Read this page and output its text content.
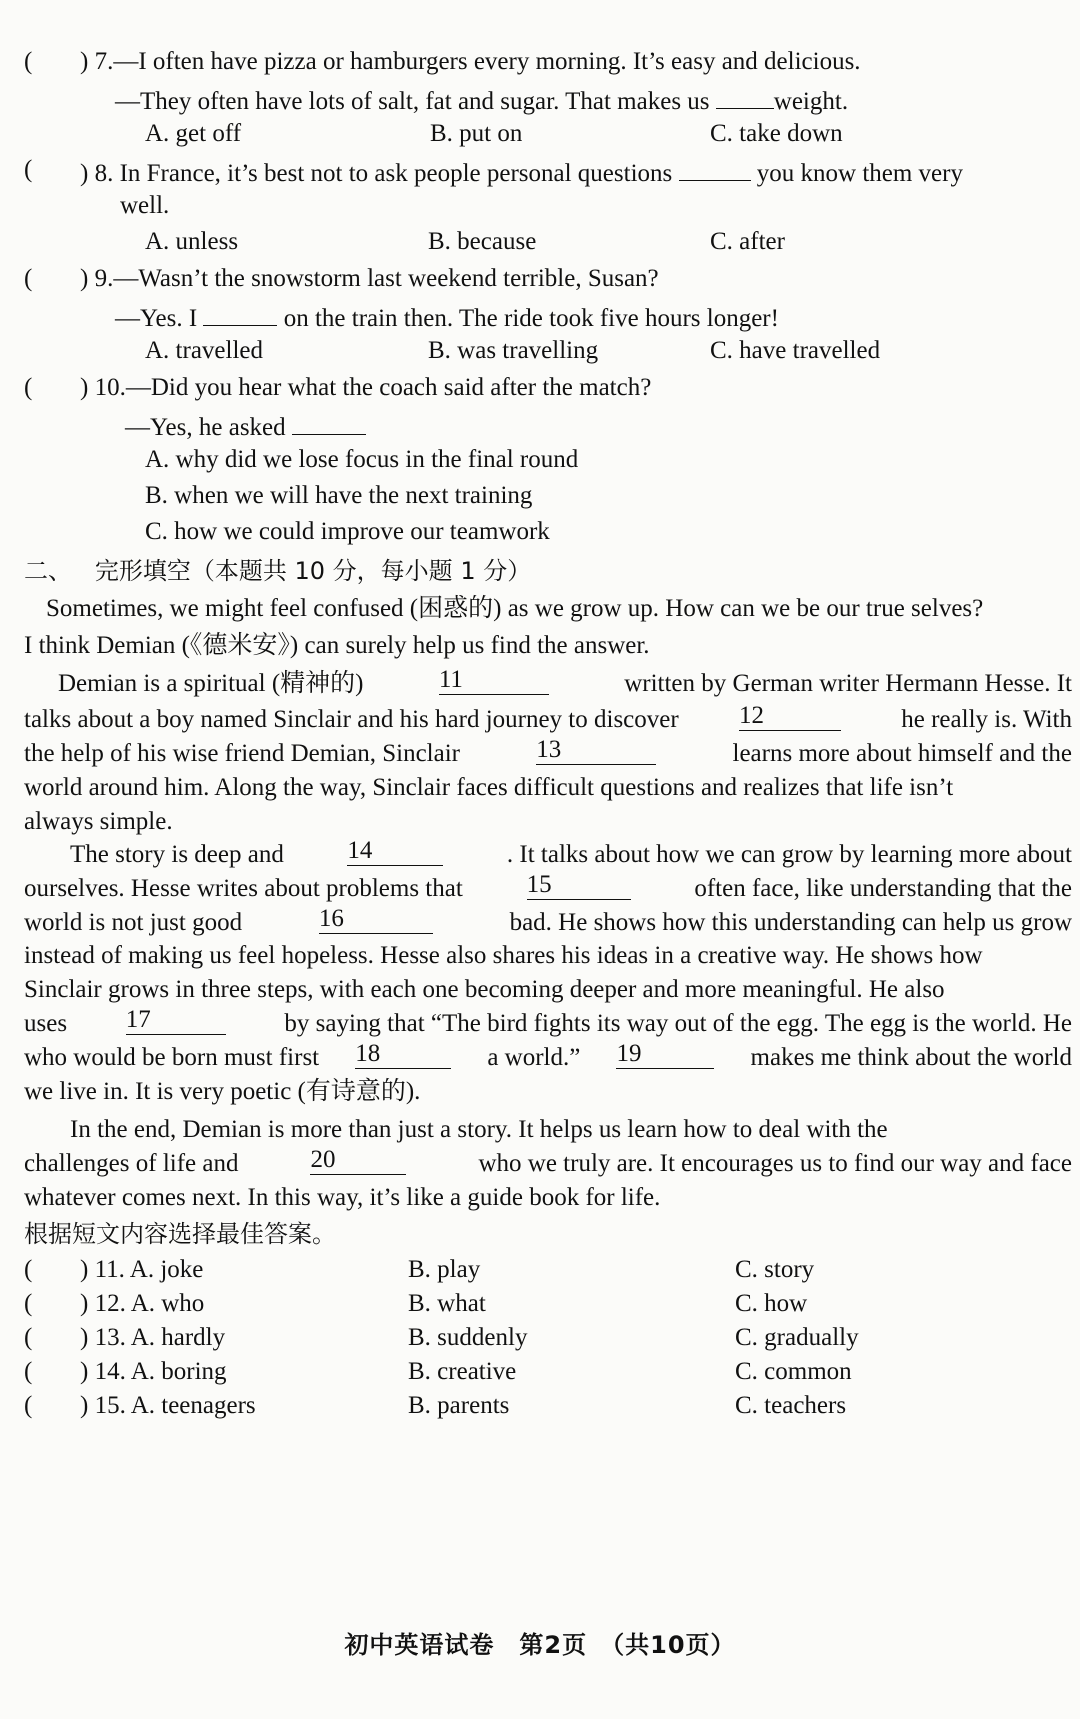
( ) 7.—I often have pizza or hamburgers every morning. It’s easy and delicious.
—They often have lots of salt, fat and sugar. That makes us	weight.
A. get off	B. put on	C. take down
( ) 8. In France, it’s best not to ask people personal questions	you know them very
well.
A. unless	B. because	C. after
( ) 9.—Wasn’t the snowstorm last weekend terrible, Susan?
—Yes. I	on the train then. The ride took five hours longer!
A. travelled	B. was travelling	C. have travelled
( ) 10.—Did you hear what the coach said after the match?
—Yes, he asked
A. why did we lose focus in the final round
B. when we will have the next training
C. how we could improve our teamwork
二、 完形填空（本题共 10 分，每小题 1 分）
Sometimes, we might feel confused (困惑的) as we grow up. How can we be our true selves?
I think Demian (《德米安》) can surely help us find the answer.
Demian is a spiritual (精神的)	11	written by German writer Hermann Hesse. It
talks about a boy named Sinclair and his hard journey to discover 12	he really is. With
the help of his wise friend Demian, Sinclair	13	learns more about himself and the
world around him. Along the way, Sinclair faces difficult questions and realizes that life isn’t
always simple.
The story is deep and	14	. It talks about how we can grow by learning more about
ourselves. Hesse writes about problems that	15	often face, like understanding that the
world is not just good	16	bad. He shows how this understanding can help us grow
instead of making us feel hopeless. Hesse also shares his ideas in a creative way. He shows how
Sinclair grows in three steps, with each one becoming deeper and more meaningful. He also
uses 17	by saying that “The bird fights its way out of the egg. The egg is the world. He
who would be born must first 18	a world.” 19	makes me think about the world
we live in. It is very poetic (有诗意的).
In the end, Demian is more than just a story. It helps us learn how to deal with the
challenges of life and	20	who we truly are. It encourages us to find our way and face
whatever comes next. In this way, it’s like a guide book for life.
根据短文内容选择最佳答案。
( ) 11. A. joke	B. play	C. story
( ) 12. A. who	B. what	C. how
( ) 13. A. hardly	B. suddenly	C. gradually
( ) 14. A. boring	B. creative	C. common
( ) 15. A. teenagers	B. parents	C. teachers
初中英语试卷　第2页　（共10页）
